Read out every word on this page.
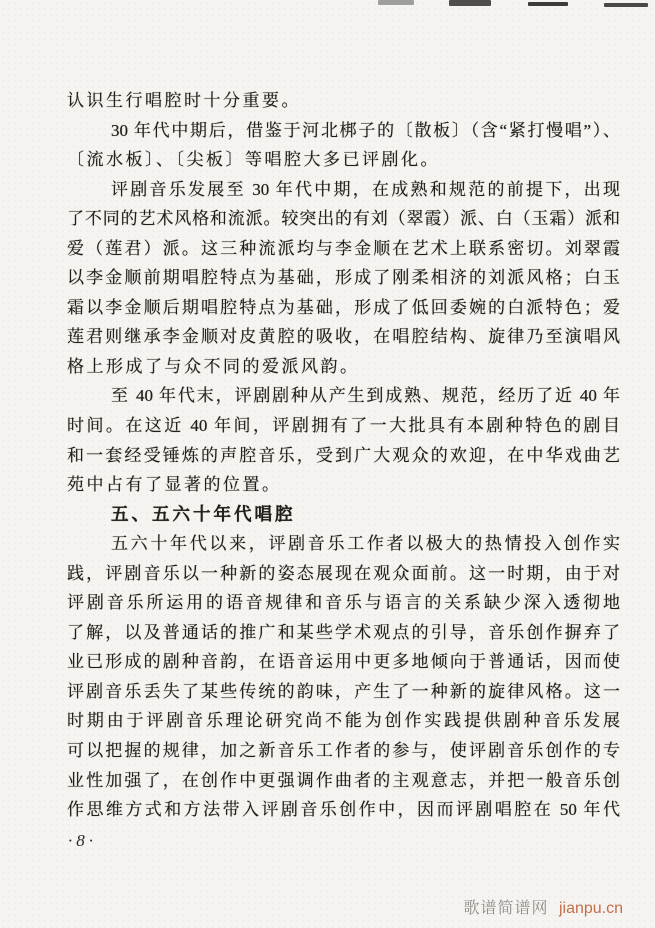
认识生行唱腔时十分重要。
30 年代中期后，借鉴于河北梆子的〔散板〕（含“紧打慢唱”）、
〔流水板〕、〔尖板〕等唱腔大多已评剧化。
评剧音乐发展至 30 年代中期，在成熟和规范的前提下，出现
了不同的艺术风格和流派。较突出的有刘（翠霞）派、白（玉霜）派和
爱（莲君）派。这三种流派均与李金顺在艺术上联系密切。刘翠霞
以李金顺前期唱腔特点为基础，形成了刚柔相济的刘派风格；白玉
霜以李金顺后期唱腔特点为基础，形成了低回委婉的白派特色；爱
莲君则继承李金顺对皮黄腔的吸收，在唱腔结构、旋律乃至演唱风
格上形成了与众不同的爱派风韵。
至 40 年代末，评剧剧种从产生到成熟、规范，经历了近 40 年
时间。在这近 40 年间，评剧拥有了一大批具有本剧种特色的剧目
和一套经受锤炼的声腔音乐，受到广大观众的欢迎，在中华戏曲艺
苑中占有了显著的位置。
五、五六十年代唱腔
五六十年代以来，评剧音乐工作者以极大的热情投入创作实
践，评剧音乐以一种新的姿态展现在观众面前。这一时期，由于对
评剧音乐所运用的语音规律和音乐与语言的关系缺少深入透彻地
了解，以及普通话的推广和某些学术观点的引导，音乐创作摒弃了
业已形成的剧种音韵，在语音运用中更多地倾向于普通话，因而使
评剧音乐丢失了某些传统的韵味，产生了一种新的旋律风格。这一
时期由于评剧音乐理论研究尚不能为创作实践提供剧种音乐发展
可以把握的规律，加之新音乐工作者的参与，使评剧音乐创作的专
业性加强了，在创作中更强调作曲者的主观意志，并把一般音乐创
作思维方式和方法带入评剧音乐创作中，因而评剧唱腔在 50 年代
·8·
歌谱简谱网 jianpu.cn
